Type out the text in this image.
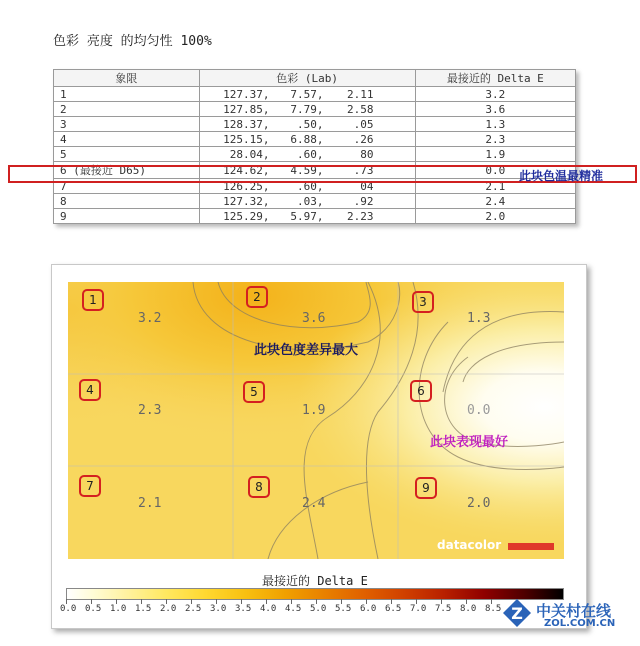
色彩 亮度 的均匀性 100%
象限	色彩 (Lab)	最接近的 Delta E
1	127.37, 7.57, 2.11	3.2
2	127.85, 7.79, 2.58	3.6
3	128.37, .50, .05	1.3
4	125.15, 6.88, .26	2.3
5	28.04, .60, 80	1.9
6 (最接近 D65)	124.62, 4.59, .73	0.0
7	126.25, .60, 04	2.1
8	127.32, .03, .92	2.4
9	125.29, 5.97, 2.23	2.0
此块色温最精准
1
3.2
2
3.6
3
1.3
4
2.3
5
1.9
6
0.0
7
2.1
8
2.4
9
2.0
此块色度差异最大
此块表现最好
datacolor
最接近的 Delta E
0.0 0.5 1.0 1.5 2.0 2.5 3.0 3.5 4.0 4.5 5.0 5.5 6.0 6.5 7.0 7.5 8.0 8.5 Z 中关村在线
ZOL.COM.CN
